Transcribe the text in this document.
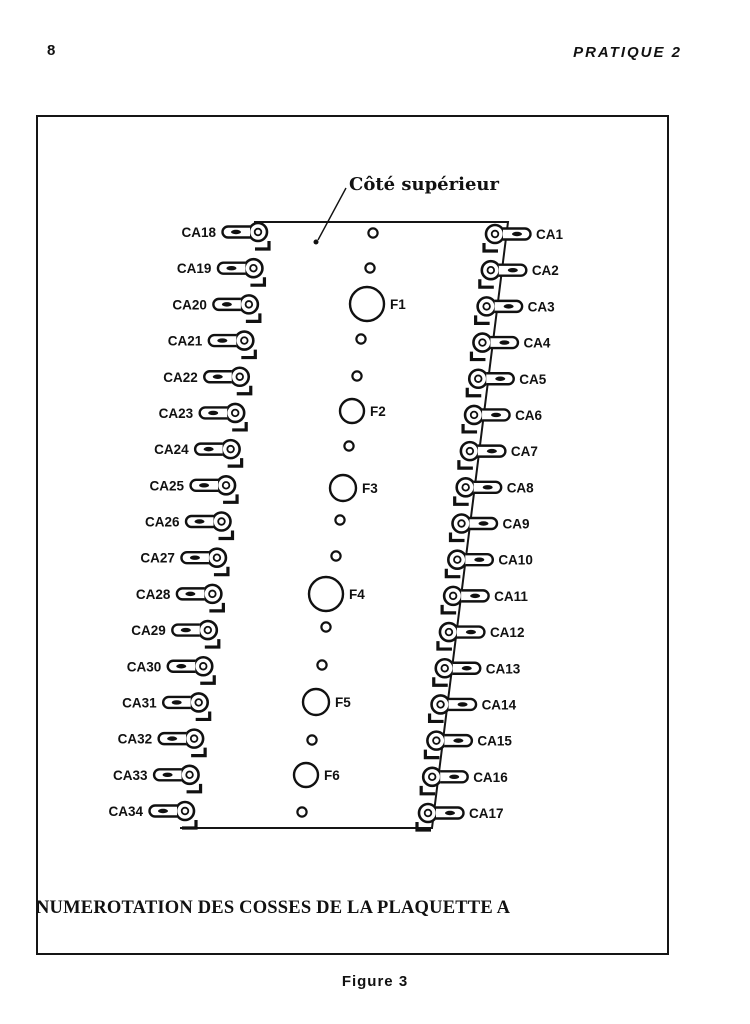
8	PRATIQUE 2
Côté supérieur
CA1
CA2
CA3
CA4
CA5
CA6
CA7
CA8
CA9
CA10
CA11
CA12
CA13
CA14
CA15
CA16
CA17
CA18
CA19
CA20
CA21
CA22
CA23
CA24
CA25
CA26
CA27
CA28
CA29
CA30
CA31
CA32
CA33
CA34
F1
F2
F3
F4
F5
F6
NUMEROTATION DES COSSES DE LA PLAQUETTE A
Figure 3
